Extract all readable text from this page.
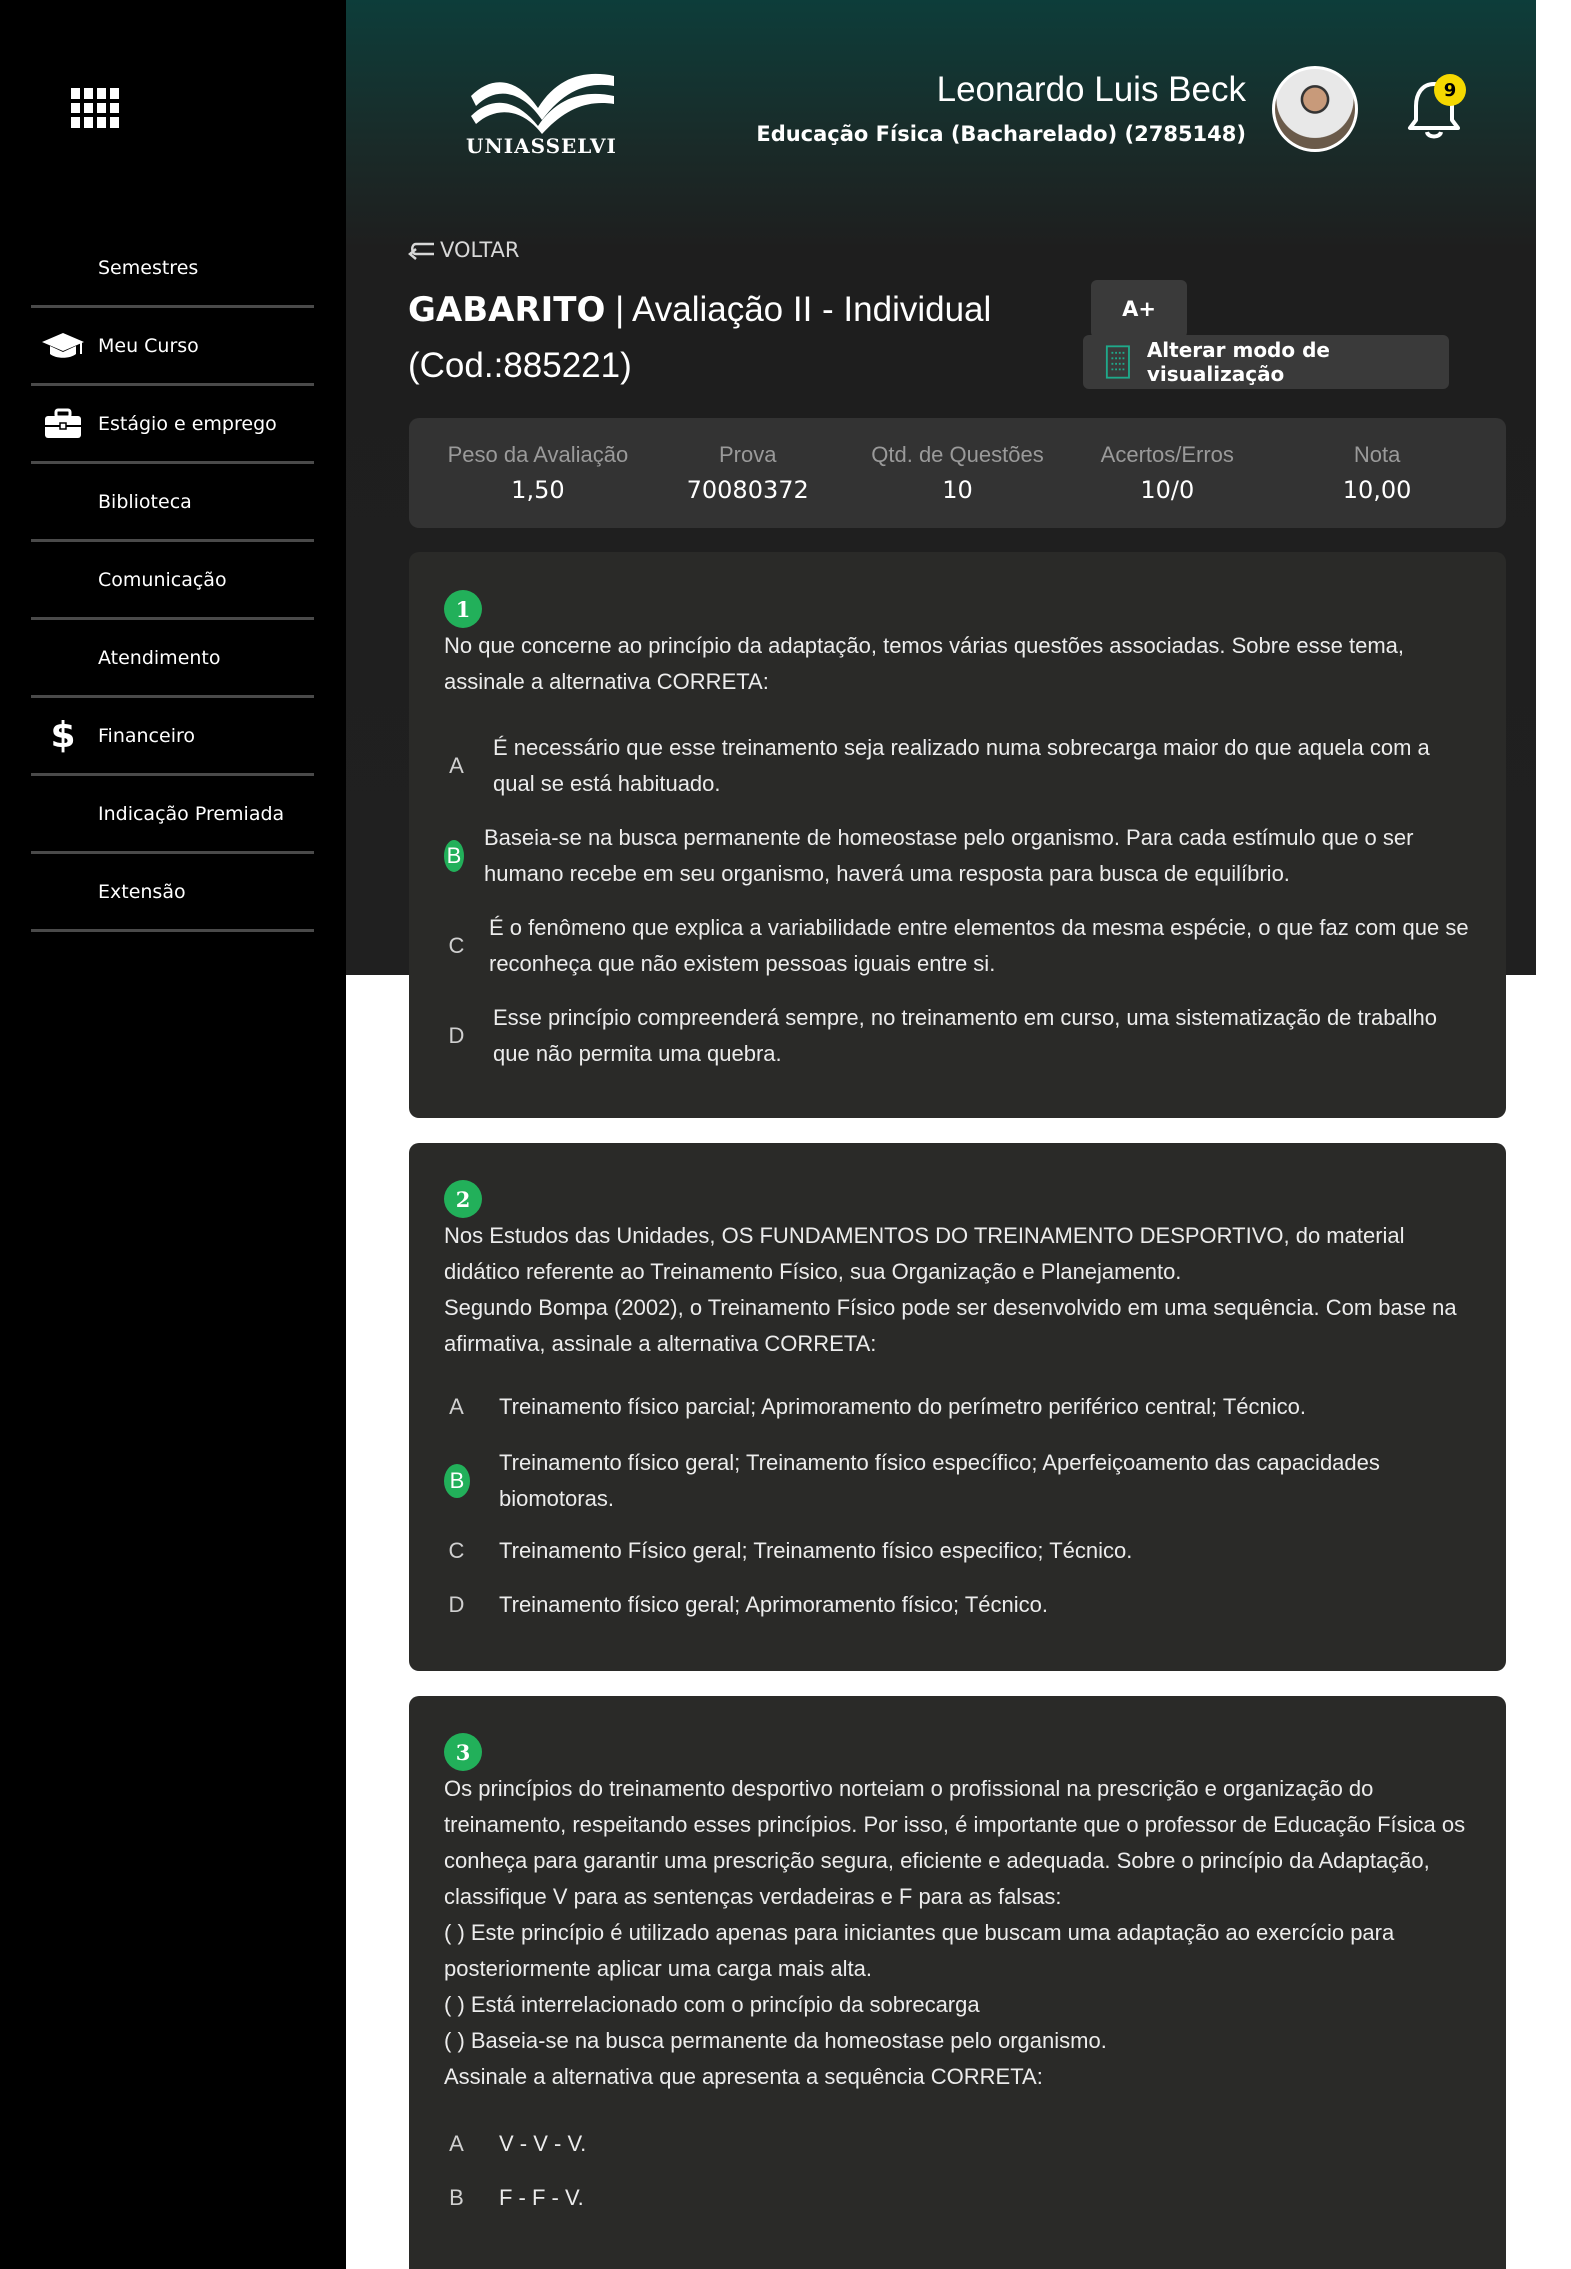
Semestres
Meu Curso
Estágio e emprego
Biblioteca
Comunicação
Atendimento
$	Financeiro
Indicação Premiada
Extensão
UNIASSELVI
Leonardo Luis Beck
Educação Física (Bacharelado) (2785148)
9
VOLTAR
GABARITO | Avaliação II - Individual (Cod.:885221)
A+
Alterar modo de visualização
Peso da Avaliação
1,50
Prova
70080372
Qtd. de Questões
10
Acertos/Erros
10/0
Nota
10,00
1
No que concerne ao princípio da adaptação, temos várias questões associadas. Sobre esse tema, assinale a alternativa CORRETA:
A
É necessário que esse treinamento seja realizado numa sobrecarga maior do que aquela com a qual se está habituado.
B
Baseia-se na busca permanente de homeostase pelo organismo. Para cada estímulo que o ser humano recebe em seu organismo, haverá uma resposta para busca de equilíbrio.
C
É o fenômeno que explica a variabilidade entre elementos da mesma espécie, o que faz com que se reconheça que não existem pessoas iguais entre si.
D
Esse princípio compreenderá sempre, no treinamento em curso, uma sistematização de trabalho que não permita uma quebra.
2
Nos Estudos das Unidades, OS FUNDAMENTOS DO TREINAMENTO DESPORTIVO, do material didático referente ao Treinamento Físico, sua Organização e Planejamento.
Segundo Bompa (2002), o Treinamento Físico pode ser desenvolvido em uma sequência. Com base na afirmativa, assinale a alternativa CORRETA:
A Treinamento físico parcial; Aprimoramento do perímetro periférico central; Técnico.
B
Treinamento físico geral; Treinamento físico específico; Aperfeiçoamento das capacidades biomotoras.
C Treinamento Físico geral; Treinamento físico especifico; Técnico.
D Treinamento físico geral; Aprimoramento físico; Técnico.
3
Os princípios do treinamento desportivo norteiam o profissional na prescrição e organização do treinamento, respeitando esses princípios. Por isso, é importante que o professor de Educação Física os conheça para garantir uma prescrição segura, eficiente e adequada. Sobre o princípio da Adaptação, classifique V para as sentenças verdadeiras e F para as falsas:
( ) Este princípio é utilizado apenas para iniciantes que buscam uma adaptação ao exercício para posteriormente aplicar uma carga mais alta.
( ) Está interrelacionado com o princípio da sobrecarga
( ) Baseia-se na busca permanente da homeostase pelo organismo.
Assinale a alternativa que apresenta a sequência CORRETA:
A V - V - V.
B F - F - V.
